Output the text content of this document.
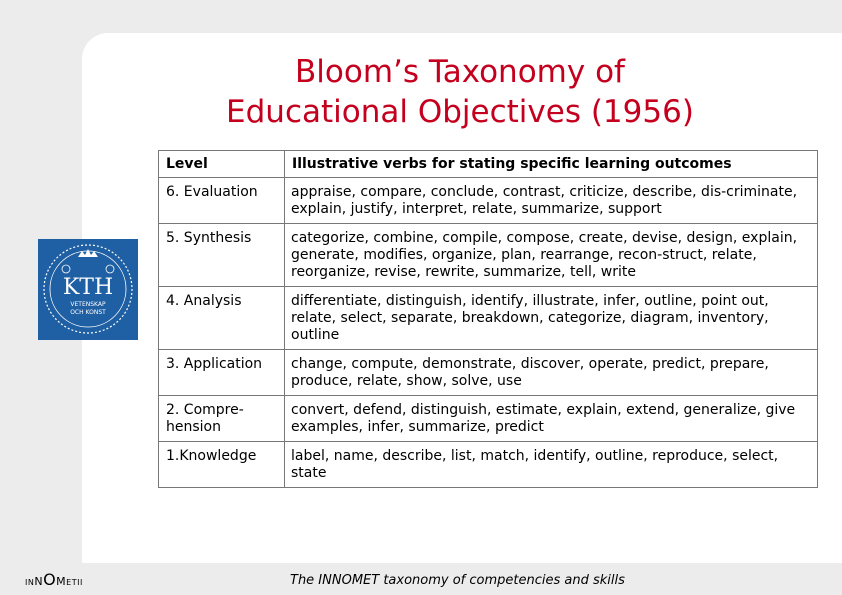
Bloom’s Taxonomy of
Educational Objectives (1956)
KTH
VETENSKAP
OCH KONST
Level	Illustrative verbs for stating specific learning outcomes
6. Evaluation	appraise, compare, conclude, contrast, criticize, describe, dis-criminate, explain, justify, interpret, relate, summarize, support
5. Synthesis	categorize, combine, compile, compose, create, devise, design, explain, generate, modifies, organize, plan, rearrange, recon-struct, relate, reorganize, revise, rewrite, summarize, tell, write
4. Analysis	differentiate, distinguish, identify, illustrate, infer, outline, point out, relate, select, separate, breakdown, categorize, diagram, inventory, outline
3. Application	change, compute, demonstrate, discover, operate, predict, prepare, produce, relate, show, solve, use
2. Compre-hension	convert, defend, distinguish, estimate, explain, extend, generalize, give examples, infer, summarize, predict
1.Knowledge	label, name, describe, list, match, identify, outline, reproduce, select, state
INNOMETII	The INNOMET taxonomy of competencies and skills
